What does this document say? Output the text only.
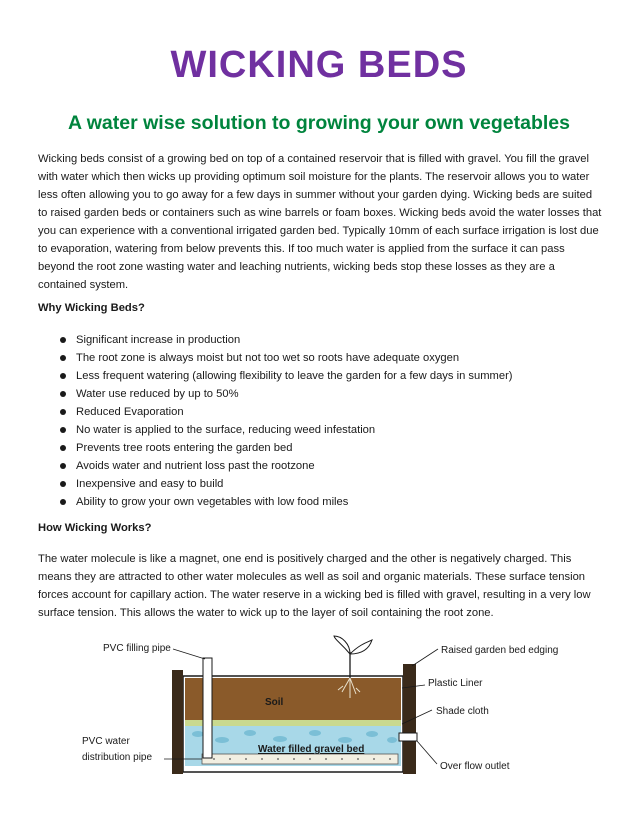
WICKING BEDS
A water wise solution to growing your own vegetables

Wicking beds consist of a growing bed on top of a contained reservoir that is filled with gravel. You fill the gravel with water which then wicks up providing optimum soil moisture for the plants. The reservoir allows you to water less often allowing you to go away for a few days in summer without your garden dying. Wicking beds are suited to raised garden beds or containers such as wine barrels or foam boxes. Wicking beds avoid the water losses that you can experience with a conventional irrigated garden bed. Typically 10mm of each surface irrigation is lost due to evaporation, watering from below prevents this. If too much water is applied from the surface it can pass beyond the root zone wasting water and leaching nutrients, wicking beds stop these losses as they are a contained system.

Why Wicking Beds?

Significant increase in production
The root zone is always moist but not too wet so roots have adequate oxygen
Less frequent watering (allowing flexibility to leave the garden for a few days in summer)
Water use reduced by up to 50%
Reduced Evaporation
No water is applied to the surface, reducing weed infestation
Prevents tree roots entering the garden bed
Avoids water and nutrient loss past the rootzone
Inexpensive and easy to build
Ability to grow your own vegetables with low food miles

How Wicking Works?

The water molecule is like a magnet, one end is positively charged and the other is negatively charged. This means they are attracted to other water molecules as well as soil and organic materials. These surface tension forces account for capillary action. The water reserve in a wicking bed is filled with gravel, resulting in a very low surface tension. This allows the water to wick up to the layer of soil containing the root zone.

PVC filling pipe	Raised garden bed edging
Plastic Liner
Soil
Shade cloth
PVC water
distribution pipe
Water filled gravel bed
Over flow outlet
